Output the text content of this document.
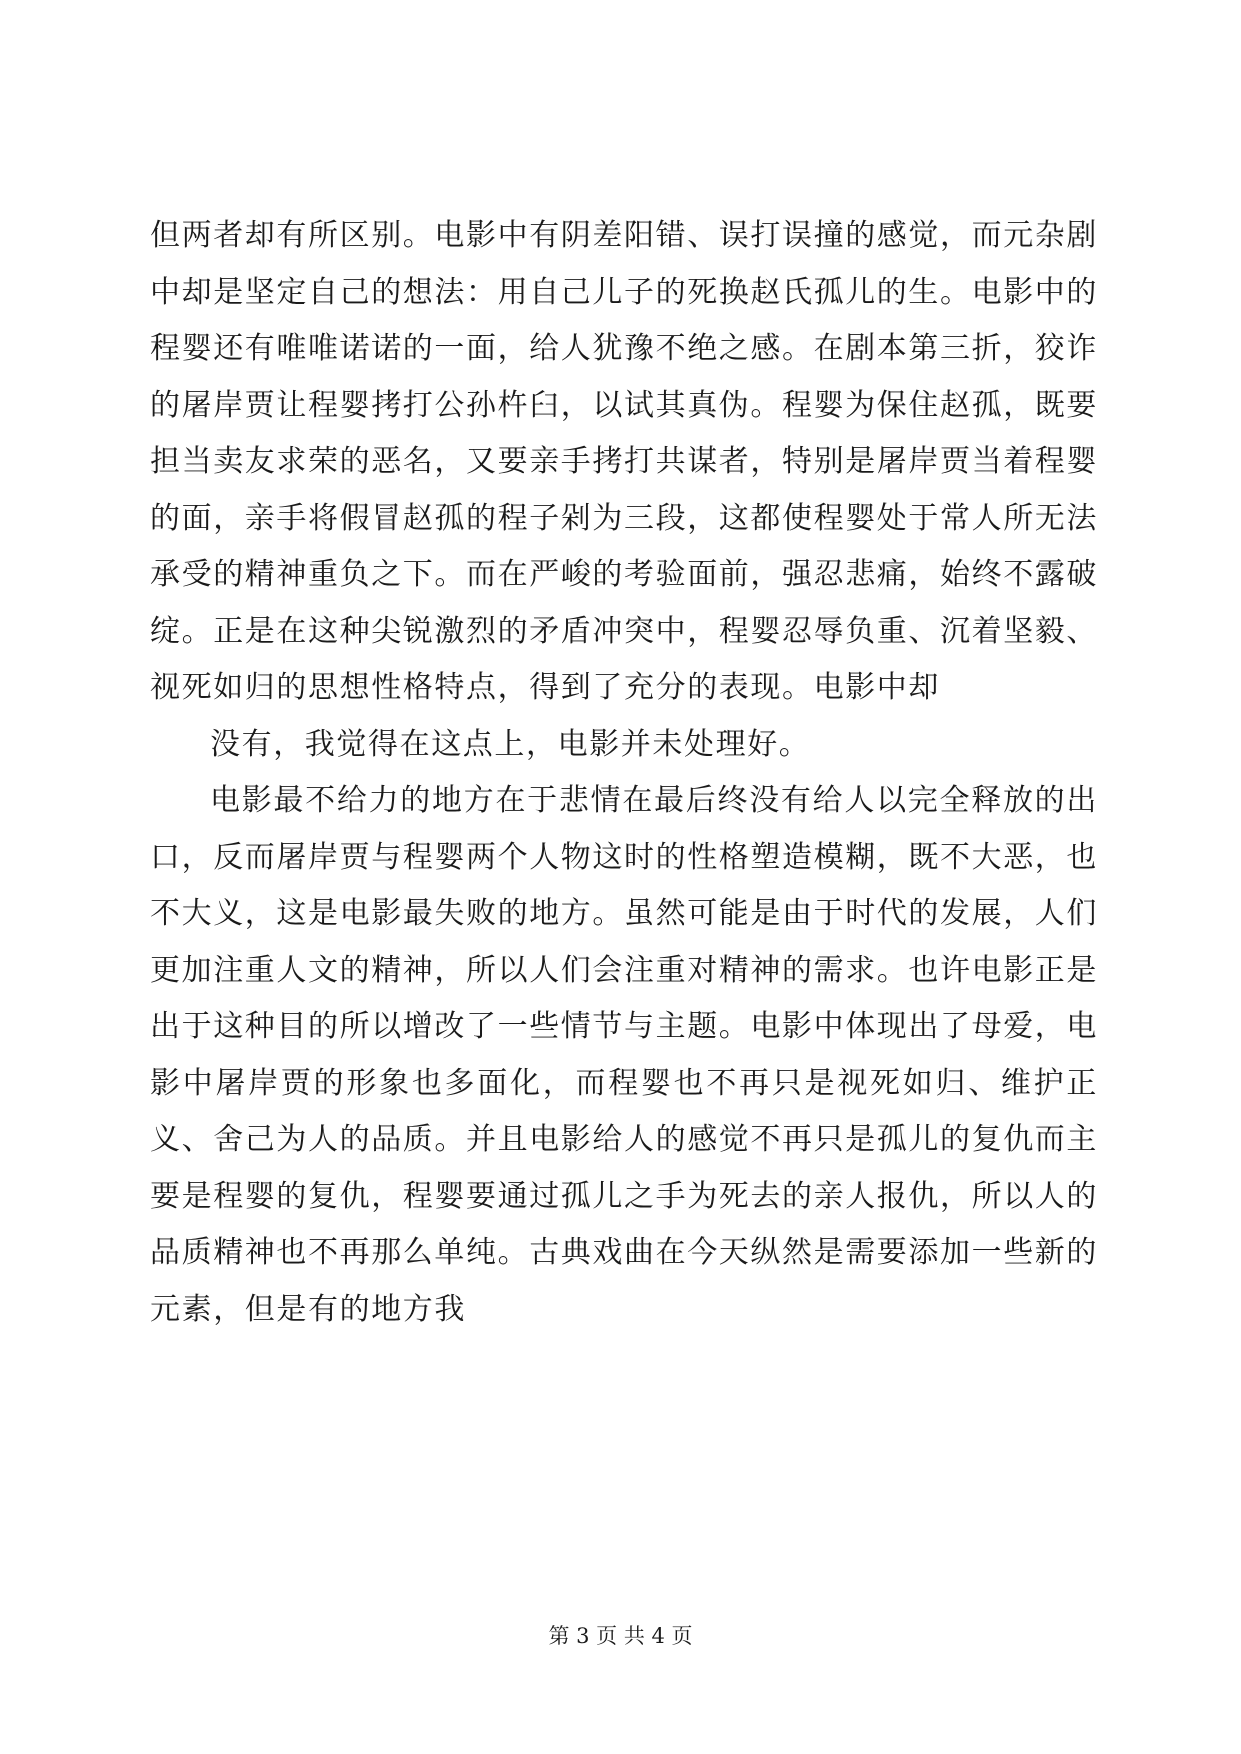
但两者却有所区别。电影中有阴差阳错、误打误撞的感觉，而元杂剧中却是坚定自己的想法：用自己儿子的死换赵氏孤儿的生。电影中的程婴还有唯唯诺诺的一面，给人犹豫不绝之感。在剧本第三折，狡诈的屠岸贾让程婴拷打公孙杵臼，以试其真伪。程婴为保住赵孤，既要担当卖友求荣的恶名，又要亲手拷打共谋者，特别是屠岸贾当着程婴的面，亲手将假冒赵孤的程子剁为三段，这都使程婴处于常人所无法承受的精神重负之下。而在严峻的考验面前，强忍悲痛，始终不露破绽。正是在这种尖锐激烈的矛盾冲突中，程婴忍辱负重、沉着坚毅、视死如归的思想性格特点，得到了充分的表现。电影中却

没有，我觉得在这点上，电影并未处理好。

电影最不给力的地方在于悲情在最后终没有给人以完全释放的出口，反而屠岸贾与程婴两个人物这时的性格塑造模糊，既不大恶，也不大义，这是电影最失败的地方。虽然可能是由于时代的发展，人们更加注重人文的精神，所以人们会注重对精神的需求。也许电影正是出于这种目的所以增改了一些情节与主题。电影中体现出了母爱，电影中屠岸贾的形象也多面化，而程婴也不再只是视死如归、维护正义、舍己为人的品质。并且电影给人的感觉不再只是孤儿的复仇而主要是程婴的复仇，程婴要通过孤儿之手为死去的亲人报仇，所以人的品质精神也不再那么单纯。古典戏曲在今天纵然是需要添加一些新的元素，但是有的地方我

第 3 页 共 4 页
